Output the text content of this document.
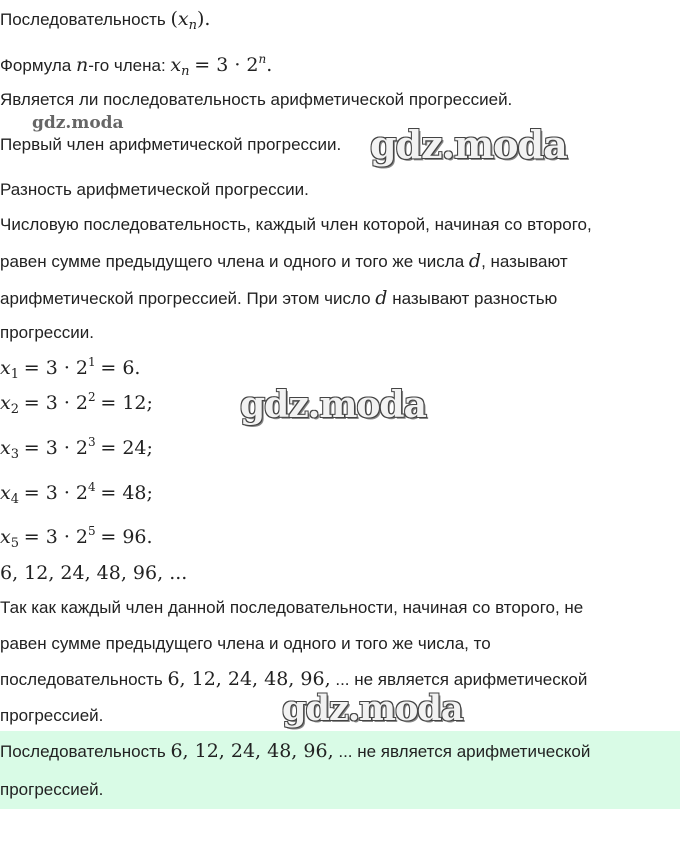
Последовательность $(x_n)$.
Формула n-го члена: $x_n = 3 \cdot 2^n$.
Является ли последовательность арифметической прогрессией.
gdz.moda
Первый член арифметической прогрессии. gdz.moda
Разность арифметической прогрессии.
Числовую последовательность, каждый член которой, начиная со второго,
равен сумме предыдущего члена и одного и того же числа d, называют
арифметической прогрессией. При этом число d называют разностью
прогрессии.
$x_1 = 3 \cdot 2^1 = 6$.
$x_2 = 3 \cdot 2^2 = 12$; gdz.moda
$x_3 = 3 \cdot 2^3 = 24$;
$x_4 = 3 \cdot 2^4 = 48$;
$x_5 = 3 \cdot 2^5 = 96$.
6, 12, 24, 48, 96, ...
Так как каждый член данной последовательности, начиная со второго, не
равен сумме предыдущего члена и одного и того же числа, то
последовательность 6, 12, 24, 48, 96, ... не является арифметической
прогрессией.
Последовательность 6, 12, 24, 48, 96, ... не является арифметической
прогрессией.
gdz.moda
